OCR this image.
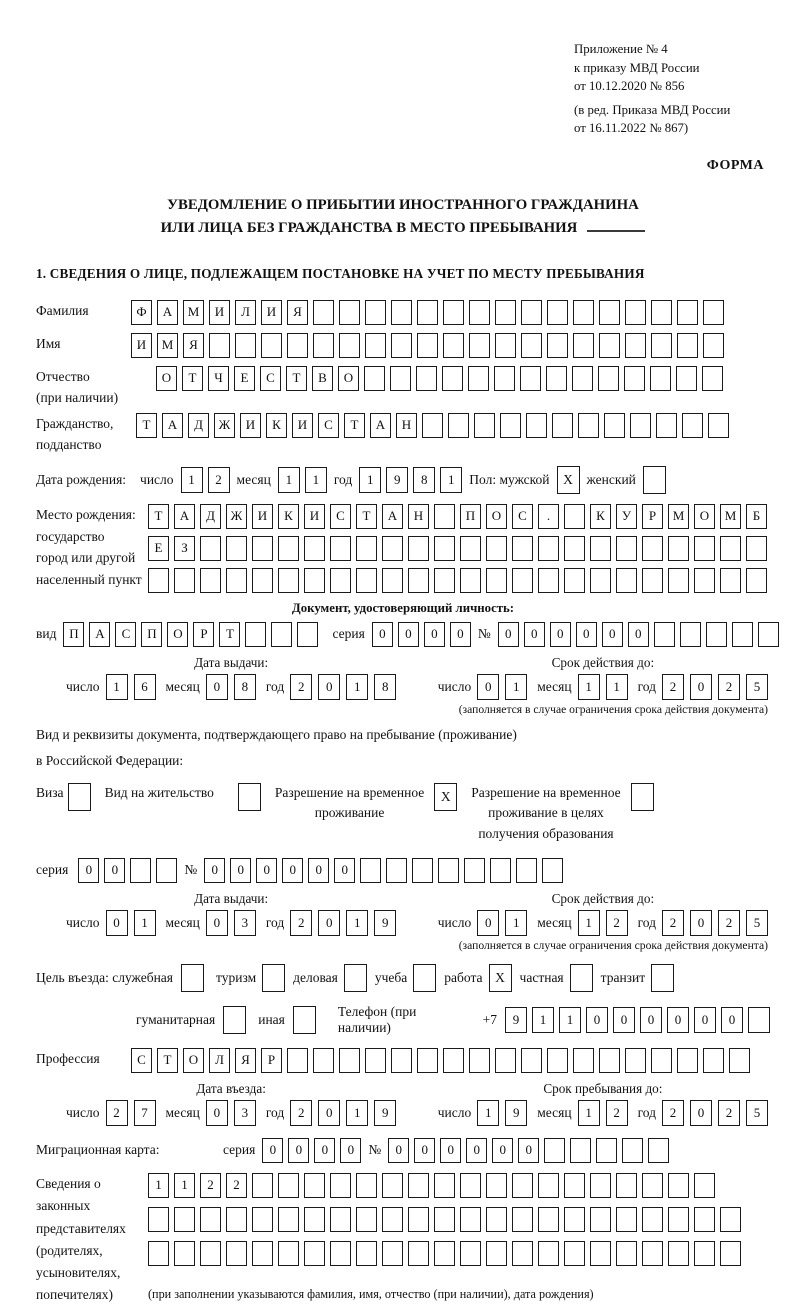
Приложение № 4
к приказу МВД России
от 10.12.2020 № 856
(в ред. Приказа МВД России
от 16.11.2022 № 867)
ФОРМА
УВЕДОМЛЕНИЕ О ПРИБЫТИИ ИНОСТРАННОГО ГРАЖДАНИНА
ИЛИ ЛИЦА БЕЗ ГРАЖДАНСТВА В МЕСТО ПРЕБЫВАНИЯ
1. СВЕДЕНИЯ О ЛИЦЕ, ПОДЛЕЖАЩЕМ ПОСТАНОВКЕ НА УЧЕТ ПО МЕСТУ ПРЕБЫВАНИЯ
Фамилия	Ф	А	М	И	Л	И	Я
Имя	И	М	Я
Отчество
(при наличии)
О	Т	Ч	Е	С	Т	В	О
Гражданство,
подданство
Т	А	Д	Ж	И	К	И	С	Т	А	Н
Дата рождения: число	1	2	месяц	1	1	год	1	9	8	1	Пол: мужской	X	женский
Место рождения:
государство
город или другой
населенный пункт
Т	А	Д	Ж	И	К	И	С	Т	А	Н	П	О	С	.	К	У	Р	М	О	М	Б
Е	З
Документ, удостоверяющий личность:
вид П	А	С	П	О	Р	Т	серия	0	0	0	0	№	0	0	0	0	0	0
Дата выдачи:
число	1	6	месяц	0	8	год	2	0	1	8
Срок действия до:
число	0	1	месяц	1	1	год	2	0	2	5
(заполняется в случае ограничения срока действия документа)
Вид и реквизиты документа, подтверждающего право на пребывание (проживание)
в Российской Федерации:
Виза	Вид на жительство	Разрешение на временное
проживание
X	Разрешение на временное
проживание в целях
получения образования
серия	0	0	№	0	0	0	0	0	0
Дата выдачи:
число	0	1	месяц	0	3	год	2	0	1	9
Срок действия до:
число	0	1	месяц	1	2	год	2	0	2	5
(заполняется в случае ограничения срока действия документа)
Цель въезда: служебная	туризм	деловая	учеба	работа X	частная	транзит
гуманитарная	иная
Телефон (при наличии)
+7	9	1	1	0	0	0	0	0	0
Профессия	С	Т	О	Л	Я	Р
Дата въезда:
число	2	7	месяц	0	3	год	2	0	1	9
Срок пребывания до:
число	1	9	месяц	1	2	год	2	0	2	5
Миграционная карта:	серия	0	0	0	0	№	0	0	0	0	0	0
Сведения о
законных
представителях
(родителях,
усыновителях,
попечителях)
1	1	2	2
(при заполнении указываются фамилия, имя, отчество (при наличии), дата рождения)
